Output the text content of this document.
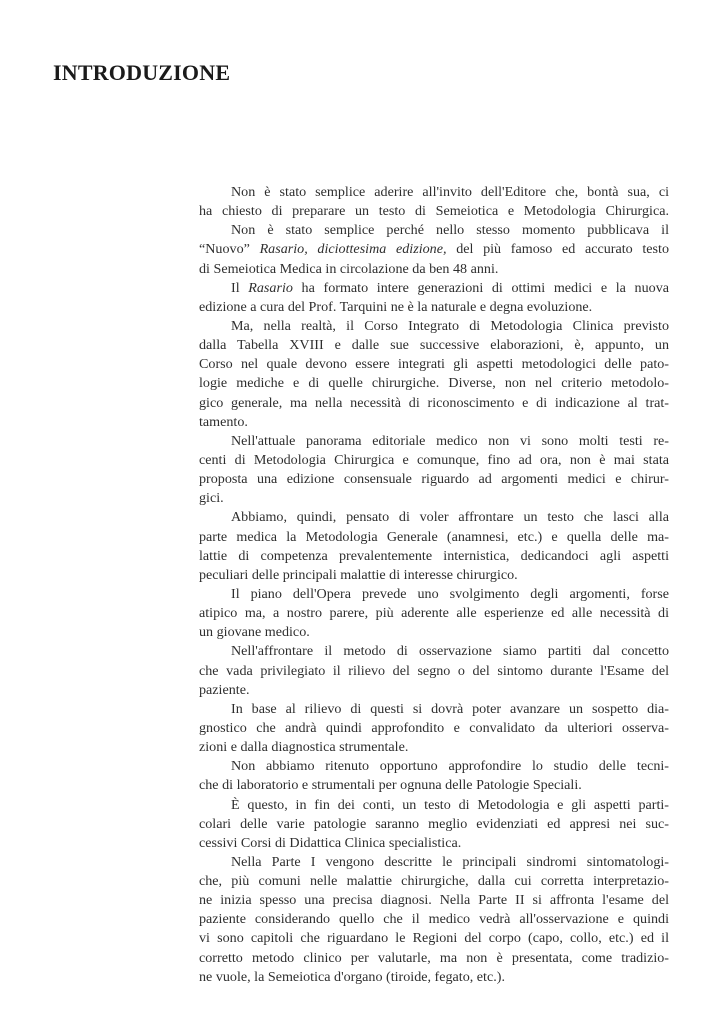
INTRODUZIONE
Non è stato semplice aderire all'invito dell'Editore che, bontà sua, ci
ha chiesto di preparare un testo di Semeiotica e Metodologia Chirurgica.
Non è stato semplice perché nello stesso momento pubblicava il
“Nuovo” Rasario, diciottesima edizione, del più famoso ed accurato testo
di Semeiotica Medica in circolazione da ben 48 anni.
Il Rasario ha formato intere generazioni di ottimi medici e la nuova
edizione a cura del Prof. Tarquini ne è la naturale e degna evoluzione.
Ma, nella realtà, il Corso Integrato di Metodologia Clinica previsto
dalla Tabella XVIII e dalle sue successive elaborazioni, è, appunto, un
Corso nel quale devono essere integrati gli aspetti metodologici delle pato-
logie mediche e di quelle chirurgiche. Diverse, non nel criterio metodolo-
gico generale, ma nella necessità di riconoscimento e di indicazione al trat-
tamento.
Nell'attuale panorama editoriale medico non vi sono molti testi re-
centi di Metodologia Chirurgica e comunque, fino ad ora, non è mai stata
proposta una edizione consensuale riguardo ad argomenti medici e chirur-
gici.
Abbiamo, quindi, pensato di voler affrontare un testo che lasci alla
parte medica la Metodologia Generale (anamnesi, etc.) e quella delle ma-
lattie di competenza prevalentemente internistica, dedicandoci agli aspetti
peculiari delle principali malattie di interesse chirurgico.
Il piano dell'Opera prevede uno svolgimento degli argomenti, forse
atipico ma, a nostro parere, più aderente alle esperienze ed alle necessità di
un giovane medico.
Nell'affrontare il metodo di osservazione siamo partiti dal concetto
che vada privilegiato il rilievo del segno o del sintomo durante l'Esame del
paziente.
In base al rilievo di questi si dovrà poter avanzare un sospetto dia-
gnostico che andrà quindi approfondito e convalidato da ulteriori osserva-
zioni e dalla diagnostica strumentale.
Non abbiamo ritenuto opportuno approfondire lo studio delle tecni-
che di laboratorio e strumentali per ognuna delle Patologie Speciali.
È questo, in fin dei conti, un testo di Metodologia e gli aspetti parti-
colari delle varie patologie saranno meglio evidenziati ed appresi nei suc-
cessivi Corsi di Didattica Clinica specialistica.
Nella Parte I vengono descritte le principali sindromi sintomatologi-
che, più comuni nelle malattie chirurgiche, dalla cui corretta interpretazio-
ne inizia spesso una precisa diagnosi. Nella Parte II si affronta l'esame del
paziente considerando quello che il medico vedrà all'osservazione e quindi
vi sono capitoli che riguardano le Regioni del corpo (capo, collo, etc.) ed il
corretto metodo clinico per valutarle, ma non è presentata, come tradizio-
ne vuole, la Semeiotica d'organo (tiroide, fegato, etc.).
